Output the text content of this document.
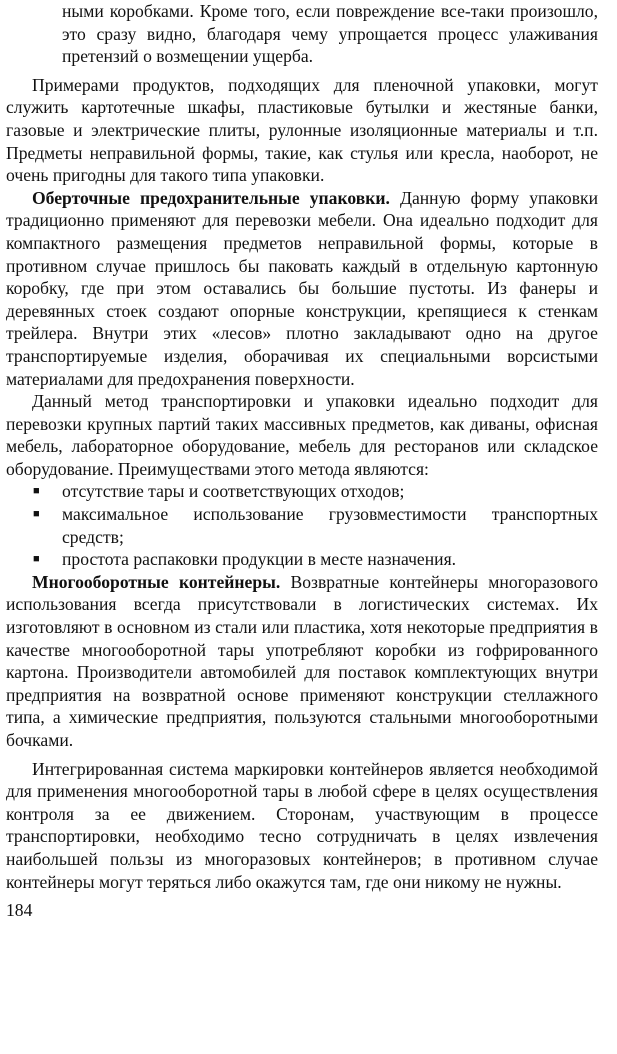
ными коробками. Кроме того, если повреждение все-таки произошло, это сразу видно, благодаря чему упрощается процесс улаживания претензий о возмещении ущерба.

Примерами продуктов, подходящих для пленочной упаковки, могут служить картотечные шкафы, пластиковые бутылки и жестяные банки, газовые и электрические плиты, рулонные изоляционные материалы и т.п. Предметы неправильной формы, такие, как стулья или кресла, наоборот, не очень пригодны для такого типа упаковки.

Оберточные предохранительные упаковки. Данную форму упаковки традиционно применяют для перевозки мебели. Она идеально подходит для компактного размещения предметов неправильной формы, которые в противном случае пришлось бы паковать каждый в отдельную картонную коробку, где при этом оставались бы большие пустоты. Из фанеры и деревянных стоек создают опорные конструкции, крепящиеся к стенкам трейлера. Внутри этих «лесов» плотно закладывают одно на другое транспортируемые изделия, оборачивая их специальными ворсистыми материалами для предохранения поверхности.

Данный метод транспортировки и упаковки идеально подходит для перевозки крупных партий таких массивных предметов, как диваны, офисная мебель, лабораторное оборудование, мебель для ресторанов или складское оборудование. Преимуществами этого метода являются:

■ отсутствие тары и соответствующих отходов;
■ максимальное использование грузовместимости транспортных средств;
■ простота распаковки продукции в месте назначения.

Многооборотные контейнеры. Возвратные контейнеры многоразового использования всегда присутствовали в логистических системах. Их изготовляют в основном из стали или пластика, хотя некоторые предприятия в качестве многооборотной тары употребляют коробки из гофрированного картона. Производители автомобилей для поставок комплектующих внутри предприятия на возвратной основе применяют конструкции стеллажного типа, а химические предприятия, пользуются стальными многооборотными бочками.

Интегрированная система маркировки контейнеров является необходимой для применения многооборотной тары в любой сфере в целях осуществления контроля за ее движением. Сторонам, участвующим в процессе транспортировки, необходимо тесно сотрудничать в целях извлечения наибольшей пользы из многоразовых контейнеров; в противном случае контейнеры могут теряться либо окажутся там, где они никому не нужны.

184
